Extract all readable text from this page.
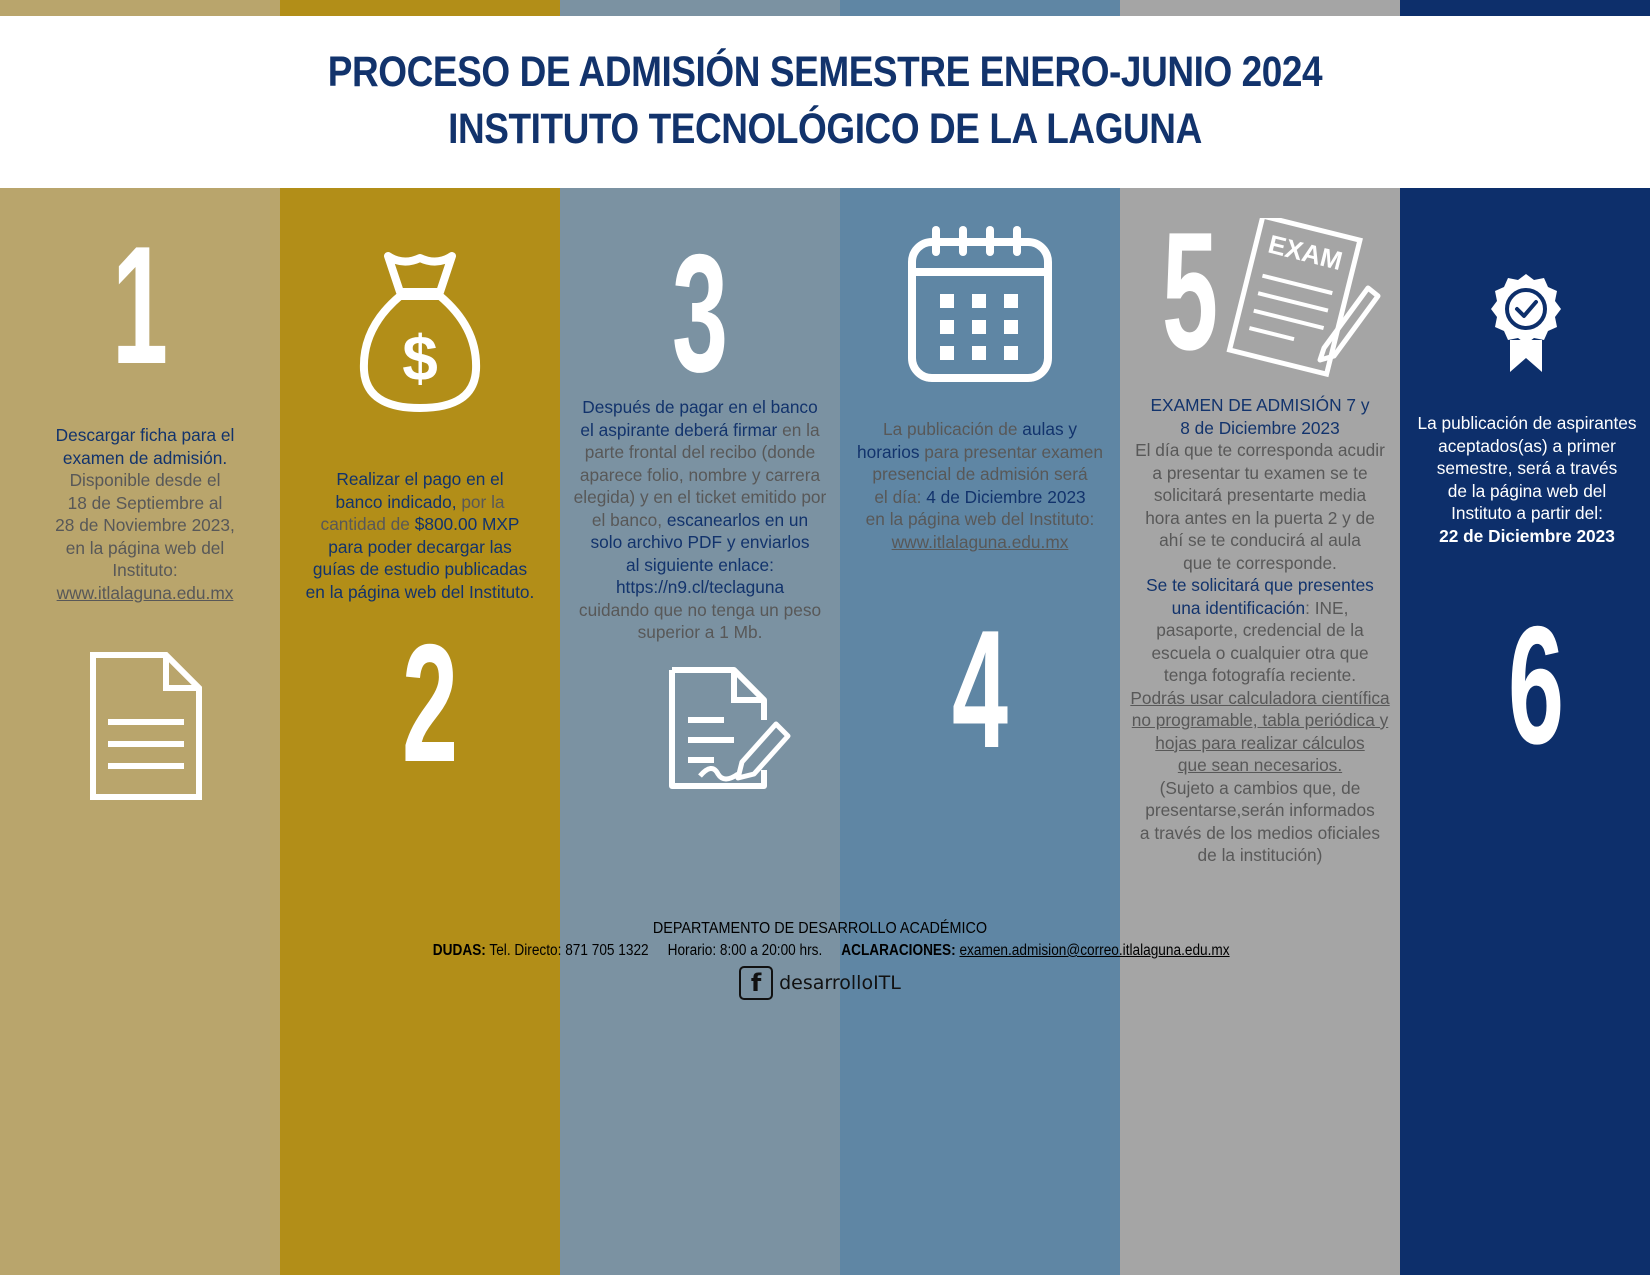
PROCESO DE ADMISIÓN SEMESTRE ENERO-JUNIO 2024
INSTITUTO TECNOLÓGICO DE LA LAGUNA
1
Descargar ficha para el
examen de admisión.
Disponible desde el
18 de Septiembre al
28 de Noviembre 2023,
en la página web del
Instituto:
www.itlalaguna.edu.mx
$
Realizar el pago en el
banco indicado, por la
cantidad de $800.00 MXP
para poder decargar las
guías de estudio publicadas
en la página web del Instituto.
2
3
Después de pagar en el banco
el aspirante deberá firmar en la
parte frontal del recibo (donde
aparece folio, nombre y carrera
elegida) y en el ticket emitido por
el banco, escanearlos en un
solo archivo PDF y enviarlos
al siguiente enlace:
https://n9.cl/teclaguna
cuidando que no tenga un peso
superior a 1 Mb.
La publicación de aulas y
horarios para presentar examen
presencial de admisión será
el día: 4 de Diciembre 2023
en la página web del Instituto:
www.itlalaguna.edu.mx
4
5	EXAM
EXAMEN DE ADMISIÓN 7 y
8 de Diciembre 2023
El día que te corresponda acudir
a presentar tu examen se te
solicitará presentarte media
hora antes en la puerta 2 y de
ahí se te conducirá al aula
que te corresponde.
Se te solicitará que presentes
una identificación: INE,
pasaporte, credencial de la
escuela o cualquier otra que
tenga fotografía reciente.
Podrás usar calculadora científica
no programable, tabla periódica y
hojas para realizar cálculos
que sean necesarios.
(Sujeto a cambios que, de
presentarse,serán informados
a través de los medios oficiales
de la institución)
La publicación de aspirantes
aceptados(as) a primer
semestre, será a través
de la página web del
Instituto a partir del:
22 de Diciembre 2023
6
DEPARTAMENTO DE DESARROLLO ACADÉMICO
DUDAS: Tel. Directo: 871 705 1322 Horario: 8:00 a 20:00 hrs. ACLARACIONES: examen.admision@correo.itlalaguna.edu.mx
f desarrolloITL
